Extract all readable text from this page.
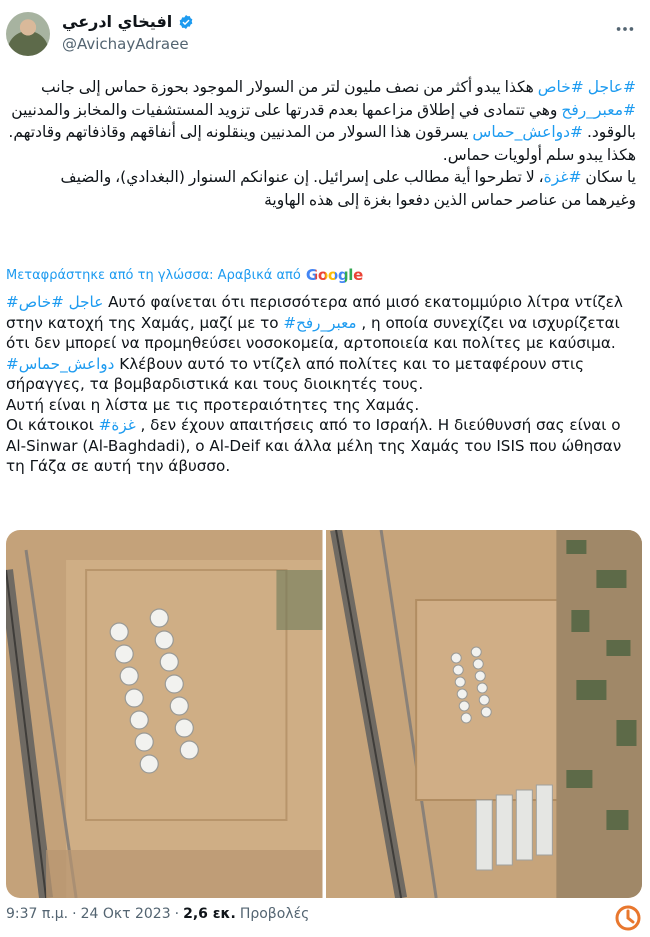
افيخاي ادرعي
@AvichayAdraee

#عاجل #خاص هكذا يبدو أكثر من نصف مليون لتر من السولار الموجود بحوزة حماس إلى جانب #معبر_رفح وهي تتمادى في إطلاق مزاعمها بعدم قدرتها على تزويد المستشفيات والمخابز والمدنيين بالوقود. #دواعش_حماس يسرقون هذا السولار من المدنيين وينقلونه إلى أنفاقهم وقاذفاتهم وقادتهم.

هكذا يبدو سلم أولويات حماس.

يا سكان #غزة، لا تطرحوا أية مطالب على إسرائيل. إن عنوانكم السنوار (البغدادي)، والضيف وغيرهما من عناصر حماس الذين دفعوا بغزة إلى هذه الهاوية

Μεταφράστηκε από τη γλώσσα: Αραβικά από Google

#عاجل #خاص	Αυτό φαίνεται ότι περισσότερα από μισό εκατομμύριο λίτρα ντίζελ στην κατοχή της Χαμάς, μαζί με το #معبر_رفح , η οποία συνεχίζει να ισχυρίζεται ότι δεν μπορεί να προμηθεύσει νοσοκομεία, αρτοποιεία και πολίτες με καύσιμα. #دواعش_حماس Κλέβουν αυτό το ντίζελ από πολίτες και το μεταφέρουν στις σήραγγες, τα βομβαρδιστικά και τους διοικητές τους.

Αυτή είναι η λίστα με τις προτεραιότητες της Χαμάς.

Οι κάτοικοι #غزة , δεν έχουν απαιτήσεις από το Ισραήλ. Η διεύθυνσή σας είναι ο Al-Sinwar (Al-Baghdadi), ο Al-Deif και άλλα μέλη της Χαμάς του ISIS που ώθησαν τη Γάζα σε αυτή την άβυσσο.

9:37 π.μ. · 24 Οκτ 2023 · 2,6 εκ. Προβολές
